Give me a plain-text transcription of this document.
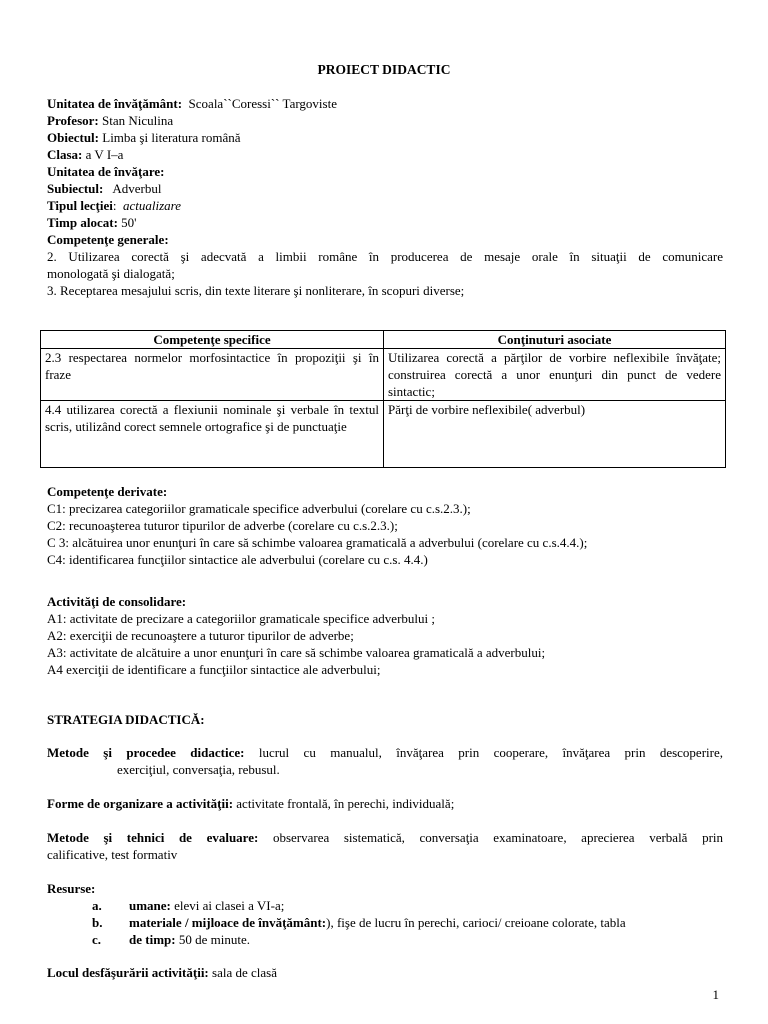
PROIECT DIDACTIC
Unitatea de învăţământ: Scoala``Coressi`` Targoviste
Profesor: Stan Niculina
Obiectul: Limba şi literatura română
Clasa: a V I–a
Unitatea de învăţare:
Subiectul: Adverbul
Tipul lecţiei:  actualizare
Timp alocat: 50'
Competenţe generale:
2. Utilizarea corectă şi adecvată a limbii române în producerea de mesaje orale în situaţii de comunicare
monologată şi dialogată;
3. Receptarea mesajului scris, din texte literare şi nonliterare, în scopuri diverse;
Competenţe specifice	Conţinuturi asociate
2.3 respectarea normelor morfosintactice în propoziţii şi în fraze	Utilizarea corectă a părţilor de vorbire neflexibile învăţate; construirea corectă a unor enunţuri din punct de vedere sintactic;
4.4 utilizarea corectă a flexiunii nominale şi verbale în textul scris, utilizând corect semnele ortografice şi de punctuaţie	Părţi de vorbire neflexibile( adverbul)
Competenţe derivate:
C1: precizarea categoriilor gramaticale specifice adverbului (corelare cu c.s.2.3.);
C2: recunoaşterea tuturor tipurilor de adverbe (corelare cu c.s.2.3.);
C 3: alcătuirea unor enunţuri în care să schimbe valoarea gramaticală a adverbului (corelare cu c.s.4.4.);
C4: identificarea funcţiilor sintactice ale adverbului (corelare cu c.s. 4.4.)
Activităţi de consolidare:
A1: activitate de precizare a categoriilor gramaticale specifice adverbului ;
A2: exerciţii de recunoaştere a tuturor tipurilor de adverbe;
A3: activitate de alcătuire a unor enunţuri în care să schimbe valoarea gramaticală a adverbului;
A4 exerciţii de identificare a funcţiilor sintactice ale adverbului;
STRATEGIA DIDACTICĂ:
Metode şi procedee didactice: lucrul cu manualul, învăţarea prin cooperare, învăţarea prin descoperire,
exerciţiul, conversaţia, rebusul.
Forme de organizare a activităţii: activitate frontală, în perechi, individuală;
Metode şi tehnici de evaluare: observarea sistematică, conversaţia examinatoare, aprecierea verbală prin
calificative, test formativ
Resurse:
a. umane: elevi ai clasei a VI-a;
b. materiale / mijloace de învăţământ:), fişe de lucru în perechi, carioci/ creioane colorate, tabla
c. de timp: 50 de minute.
Locul desfăşurării activităţii: sala de clasă
1
